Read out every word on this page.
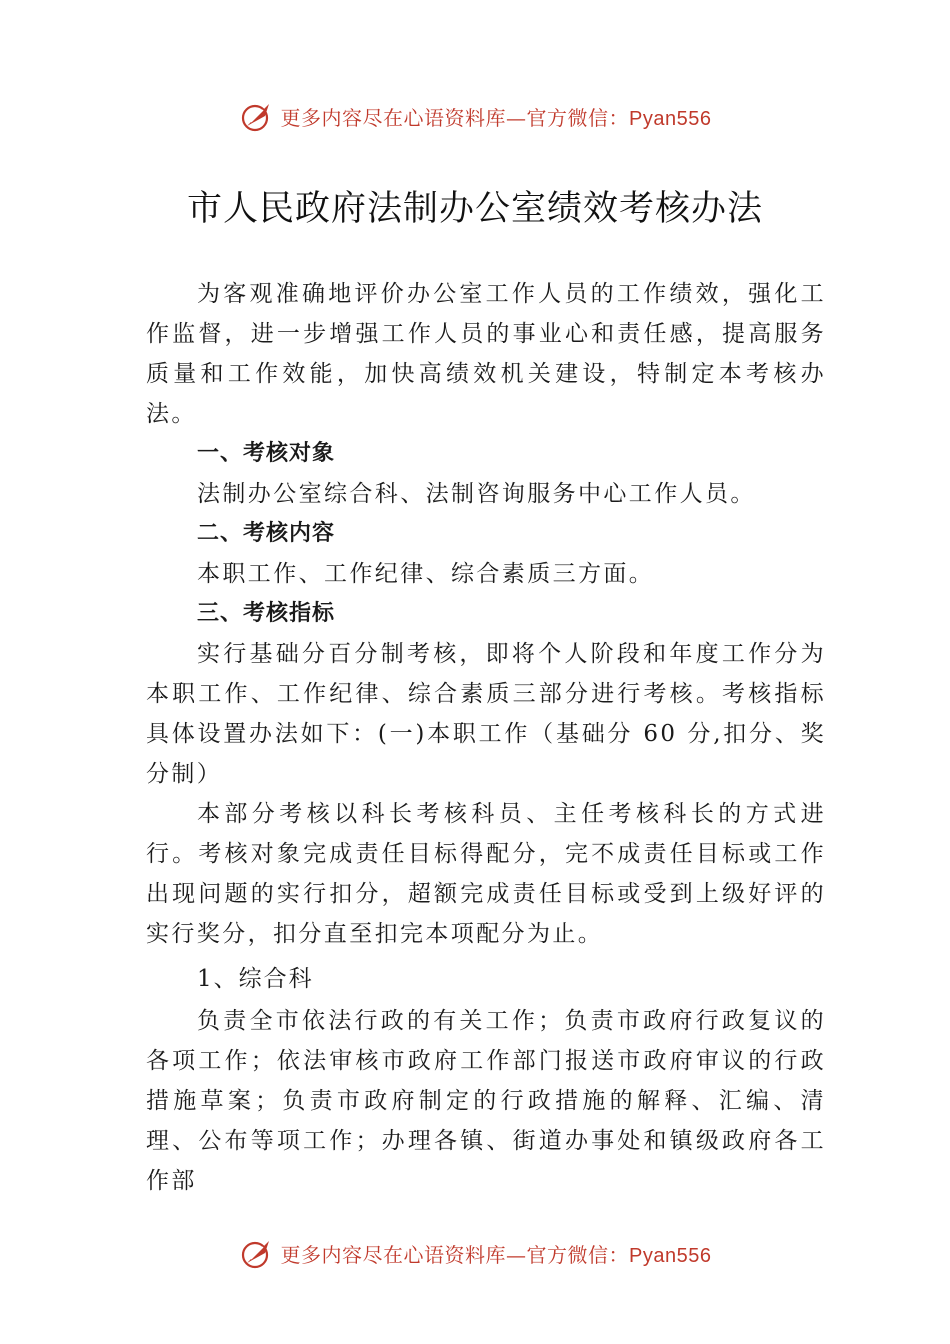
更多内容尽在心语资料库—官方微信：Pyan556
市人民政府法制办公室绩效考核办法

为客观准确地评价办公室工作人员的工作绩效，强化工作监督，进一步增强工作人员的事业心和责任感，提高服务质量和工作效能，加快高绩效机关建设，特制定本考核办法。

一、考核对象

法制办公室综合科、法制咨询服务中心工作人员。

二、考核内容

本职工作、工作纪律、综合素质三方面。

三、考核指标

实行基础分百分制考核，即将个人阶段和年度工作分为本职工作、工作纪律、综合素质三部分进行考核。考核指标具体设置办法如下：(一)本职工作（基础分 60 分,扣分、奖分制）

本部分考核以科长考核科员、主任考核科长的方式进行。考核对象完成责任目标得配分，完不成责任目标或工作出现问题的实行扣分，超额完成责任目标或受到上级好评的实行奖分，扣分直至扣完本项配分为止。

1、综合科

负责全市依法行政的有关工作；负责市政府行政复议的各项工作；依法审核市政府工作部门报送市政府审议的行政措施草案；负责市政府制定的行政措施的解释、汇编、清理、公布等项工作；办理各镇、街道办事处和镇级政府各工作部

更多内容尽在心语资料库—官方微信：Pyan556
